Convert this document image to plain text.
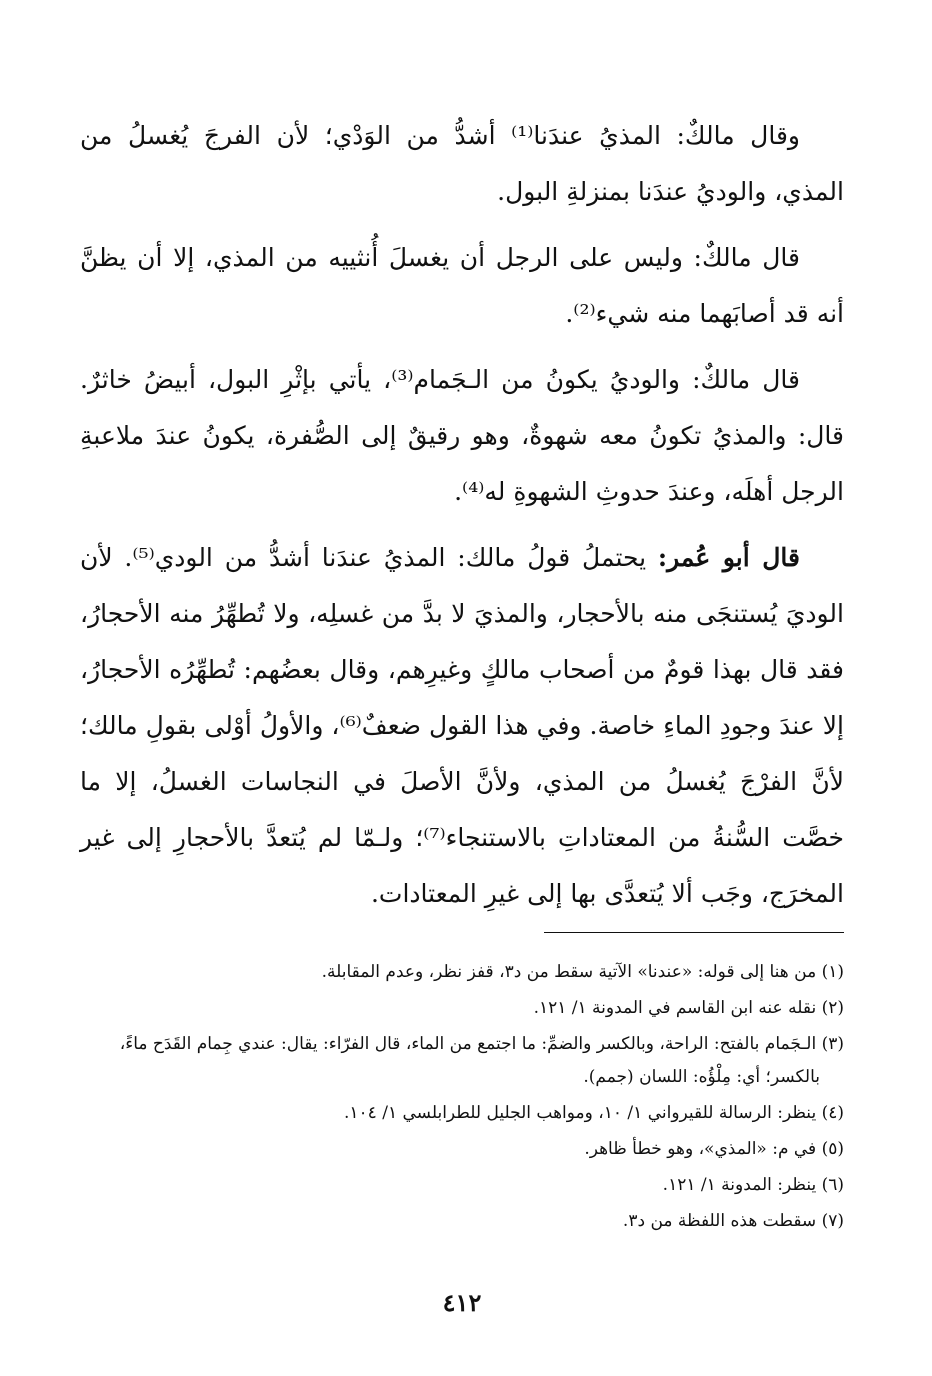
وقال مالكٌ: المذيُ عندَنا⁽¹⁾ أشدُّ من الوَدْي؛ لأن الفرجَ يُغسلُ من المذي، والوديُ عندَنا بمنزلةِ البول.

قال مالكٌ: وليس على الرجل أن يغسلَ أُنثييه من المذي، إلا أن يظنَّ أنه قد أصابَهما منه شيء⁽²⁾.

قال مالكٌ: والوديُ يكونُ من الـجَمام⁽³⁾، يأتي بإثْرِ البول، أبيضُ خاثرٌ. قال: والمذيُ تكونُ معه شهوةٌ، وهو رقيقٌ إلى الصُّفرة، يكونُ عندَ ملاعبةِ الرجل أهلَه، وعندَ حدوثِ الشهوةِ له⁽⁴⁾.

قال أبو عُمر: يحتملُ قولُ مالك: المذيُ عندَنا أشدُّ من الودي⁽⁵⁾. لأن الوديَ يُستنجَى منه بالأحجار، والمذيَ لا بدَّ من غسلِه، ولا تُطهِّرُ منه الأحجارُ، فقد قال بهذا قومٌ من أصحاب مالكٍ وغيرِهم، وقال بعضُهم: تُطهِّرُه الأحجارُ، إلا عندَ وجودِ الماءِ خاصة. وفي هذا القول ضعفٌ⁽⁶⁾، والأولُ أوْلى بقولِ مالك؛ لأنَّ الفرْجَ يُغسلُ من المذي، ولأنَّ الأصلَ في النجاسات الغسلُ، إلا ما خصَّت السُّنةُ من المعتاداتِ بالاستنجاء⁽⁷⁾؛ ولـمّا لم يُتعدَّ بالأحجارِ إلى غير المخرَج، وجَب ألا يُتعدَّى بها إلى غيرِ المعتادات.

(١) من هنا إلى قوله: «عندنا» الآتية سقط من د٣، قفز نظر، وعدم المقابلة.

(٢) نقله عنه ابن القاسم في المدونة ١/ ١٢١.

(٣) الـجَمام بالفتح: الراحة، وبالكسر والضمِّ: ما اجتمع من الماء، قال الفرّاء: يقال: عندي جِمام القَدَح ماءً، بالكسر؛ أي: مِلْؤُه: اللسان (جمم).

(٤) ينظر: الرسالة للقيرواني ١/ ١٠، ومواهب الجليل للطرابلسي ١/ ١٠٤.

(٥) في م: «المذي»، وهو خطأ ظاهر.

(٦) ينظر: المدونة ١/ ١٢١.

(٧) سقطت هذه اللفظة من د٣.

٤١٢
